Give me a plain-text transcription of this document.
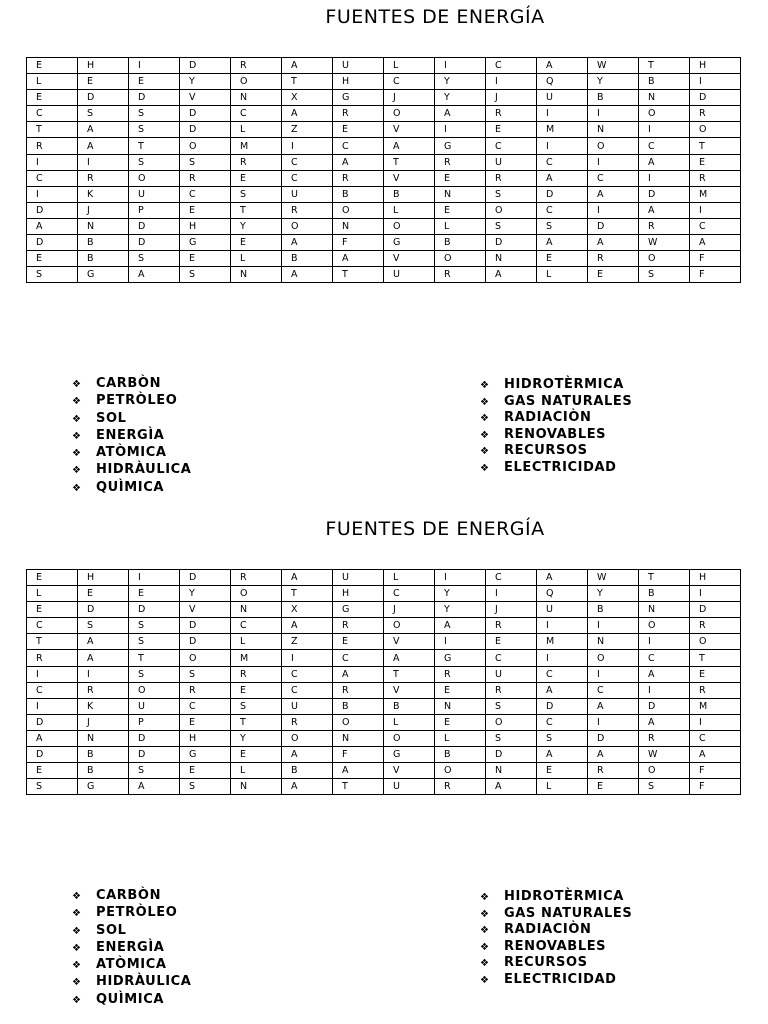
FUENTES DE ENERGÍA
E	H	I	D	R	A	U	L	I	C	A	W	T	H
L	E	E	Y	O	T	H	C	Y	I	Q	Y	B	I
E	D	D	V	N	X	G	J	Y	J	U	B	N	D
C	S	S	D	C	A	R	O	A	R	I	I	O	R
T	A	S	D	L	Z	E	V	I	E	M	N	I	O
R	A	T	O	M	I	C	A	G	C	I	O	C	T
I	I	S	S	R	C	A	T	R	U	C	I	A	E
C	R	O	R	E	C	R	V	E	R	A	C	I	R
I	K	U	C	S	U	B	B	N	S	D	A	D	M
D	J	P	E	T	R	O	L	E	O	C	I	A	I
A	N	D	H	Y	O	N	O	L	S	S	D	R	C
D	B	D	G	E	A	F	G	B	D	A	A	W	A
E	B	S	E	L	B	A	V	O	N	E	R	O	F
S	G	A	S	N	A	T	U	R	A	L	E	S	F
❖ CARBÒN
❖ PETRÒLEO
❖ SOL
❖ ENERGÌA
❖ ATÒMICA
❖ HIDRÀULICA
❖ QUÌMICA
❖ HIDROTÈRMICA
❖ GAS NATURALES
❖ RADIACIÒN
❖ RENOVABLES
❖ RECURSOS
❖ ELECTRICIDAD
FUENTES DE ENERGÍA
E	H	I	D	R	A	U	L	I	C	A	W	T	H
L	E	E	Y	O	T	H	C	Y	I	Q	Y	B	I
E	D	D	V	N	X	G	J	Y	J	U	B	N	D
C	S	S	D	C	A	R	O	A	R	I	I	O	R
T	A	S	D	L	Z	E	V	I	E	M	N	I	O
R	A	T	O	M	I	C	A	G	C	I	O	C	T
I	I	S	S	R	C	A	T	R	U	C	I	A	E
C	R	O	R	E	C	R	V	E	R	A	C	I	R
I	K	U	C	S	U	B	B	N	S	D	A	D	M
D	J	P	E	T	R	O	L	E	O	C	I	A	I
A	N	D	H	Y	O	N	O	L	S	S	D	R	C
D	B	D	G	E	A	F	G	B	D	A	A	W	A
E	B	S	E	L	B	A	V	O	N	E	R	O	F
S	G	A	S	N	A	T	U	R	A	L	E	S	F
❖ CARBÒN
❖ PETRÒLEO
❖ SOL
❖ ENERGÌA
❖ ATÒMICA
❖ HIDRÀULICA
❖ QUÌMICA
❖ HIDROTÈRMICA
❖ GAS NATURALES
❖ RADIACIÒN
❖ RENOVABLES
❖ RECURSOS
❖ ELECTRICIDAD
